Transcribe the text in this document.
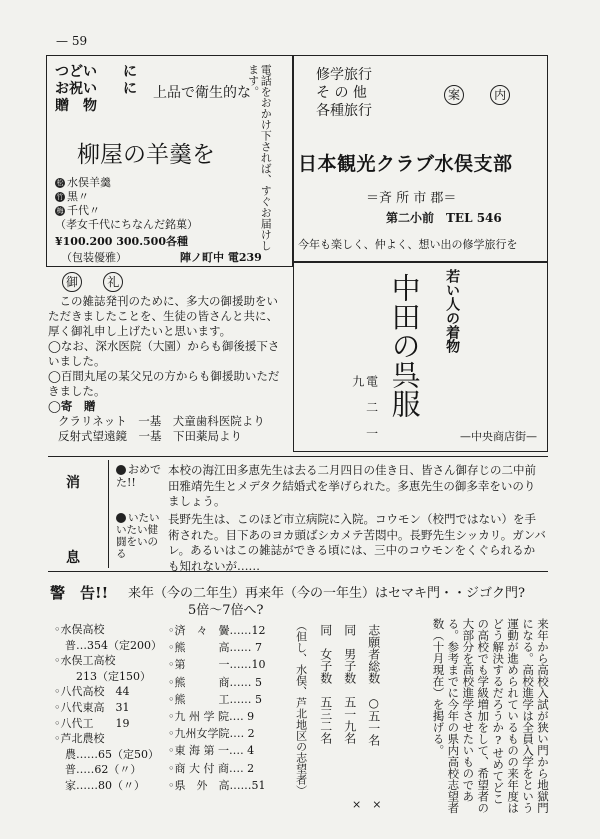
— 59
つどい
お祝い
贈　物
に
に 上品で衛生的な
柳屋の羊羹を
松 水俣羊羹
竹 黒〃
梅 千代〃
（孝女千代にちなんだ銘菓）
¥100.200 300.500各種
（包装優雅）	陣ノ町中 電239
電話をおかけ下されば、すぐお届けします。	修学旅行
そ の 他
各種旅行
案	内
日本観光クラブ水俣支部
＝斉 所 市 郡＝
第二小前　TEL 546
今年も楽しく、仲よく、想い出の修学旅行を
御 礼
この雑誌発刊のために、多大の御援助をいただきましたことを、生徒の皆さんと共に、厚く御礼申し上げたいと思います。
◯なお、深水医院（大園）からも御後援下さいました。
◯百間丸尾の某父兄の方からも御援助いただきました。
◯寄　贈
クラリネット　一基　犬童歯科医院より
反射式望遠鏡　一基　下田薬局より
若い人の着物
中田の呉服
電 二 一 九
—中央商店街—
消
息
おめでた!!
本校の海江田多恵先生は去る二月四日の佳き日、皆さん御存じの二中前田雅靖先生とメデタク結婚式を挙げられた。多恵先生の御多幸をいのりましょう。
いたいいたい健闘をいのる
長野先生は、このほど市立病院に入院。コウモン（校門ではない）を手術された。目下あのヨカ頭ばシカメテ苦悶中。長野先生シッカリ。ガンバレ。あるいはこの雑誌ができる頃には、三中のコウモンをくぐられるかも知れないが……
警　告!! 来年（今の二年生）再来年（今の一年生）はセマキ門・・ジゴク門?
5倍～7倍へ?
◦水俣高校
　普…354（定200）
◦水俣工高校
　　213（定150）
◦八代高校　44
◦八代東高　31
◦八代工　　19
◦芦北農校
　農……65（定50）
　普…‥62（〃）
　家……80（〃）
◦済　々　黌‥‥‥12
◦熊　　　高‥‥‥ 7
◦第　　　一‥‥‥10
◦熊　　　商‥‥‥ 5
◦熊　　　工‥‥‥ 5
◦九 州 学 院‥‥ 9
◦九州女学院‥‥ 2
◦東 海 第 一‥‥ 4
◦商 大 付 商‥‥ 2
◦県　外　高‥‥‥51
志願者総数　○五一名
同　男子数　五一九名
同　女子数　五三二名
（但し、水俣、芦北地区の志望者）
×　×	来年から高校入試が狭い門から地獄門になる。高校進学は全員入学をという運動が進められているものの来年度はどう解決するだろうか?せめてどこの高校でも学級増加をして、希望者の大部分を高校進学させたいものである。参考までに今年の県内高校志望者数（十月現在）を掲げる。
